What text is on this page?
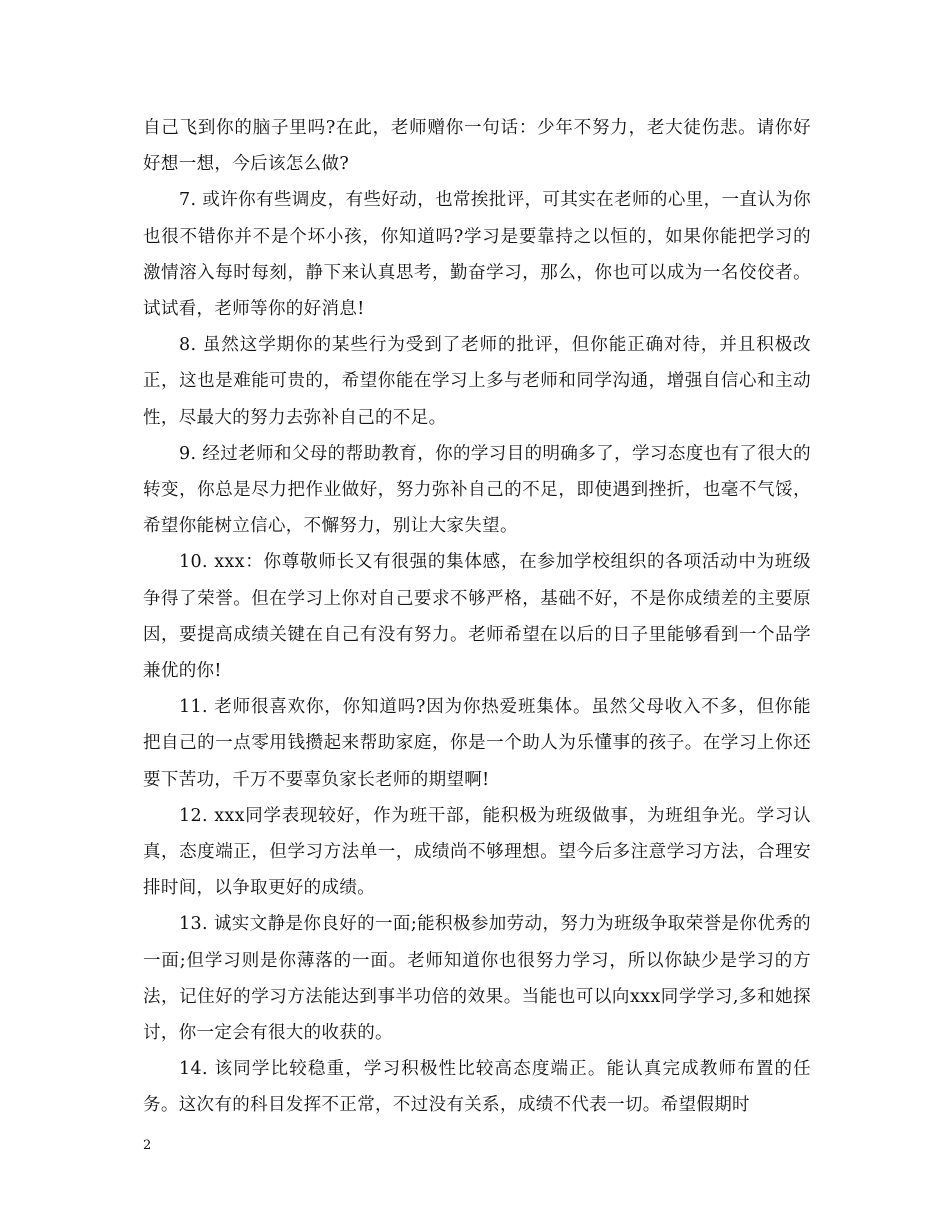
自己飞到你的脑子里吗?在此，老师赠你一句话：少年不努力，老大徒伤悲。请你好好想一想，今后该怎么做?

7. 或许你有些调皮，有些好动，也常挨批评，可其实在老师的心里，一直认为你也很不错你并不是个坏小孩，你知道吗?学习是要靠持之以恒的，如果你能把学习的激情溶入每时每刻，静下来认真思考，勤奋学习，那么，你也可以成为一名佼佼者。试试看，老师等你的好消息!

8. 虽然这学期你的某些行为受到了老师的批评，但你能正确对待，并且积极改正，这也是难能可贵的，希望你能在学习上多与老师和同学沟通，增强自信心和主动性，尽最大的努力去弥补自己的不足。

9. 经过老师和父母的帮助教育，你的学习目的明确多了，学习态度也有了很大的转变，你总是尽力把作业做好，努力弥补自己的不足，即使遇到挫折，也毫不气馁，希望你能树立信心，不懈努力，别让大家失望。

10. xxx：你尊敬师长又有很强的集体感，在参加学校组织的各项活动中为班级争得了荣誉。但在学习上你对自己要求不够严格，基础不好，不是你成绩差的主要原因，要提高成绩关键在自己有没有努力。老师希望在以后的日子里能够看到一个品学兼优的你!

11. 老师很喜欢你，你知道吗?因为你热爱班集体。虽然父母收入不多，但你能把自己的一点零用钱攒起来帮助家庭，你是一个助人为乐懂事的孩子。在学习上你还要下苦功，千万不要辜负家长老师的期望啊!

12. xxx同学表现较好，作为班干部，能积极为班级做事，为班组争光。学习认真，态度端正，但学习方法单一，成绩尚不够理想。望今后多注意学习方法，合理安排时间，以争取更好的成绩。

13. 诚实文静是你良好的一面;能积极参加劳动，努力为班级争取荣誉是你优秀的一面;但学习则是你薄落的一面。老师知道你也很努力学习，所以你缺少是学习的方法，记住好的学习方法能达到事半功倍的效果。当能也可以向xxx同学学习,多和她探讨，你一定会有很大的收获的。

14. 该同学比较稳重，学习积极性比较高态度端正。能认真完成教师布置的任务。这次有的科目发挥不正常，不过没有关系，成绩不代表一切。希望假期时

2
